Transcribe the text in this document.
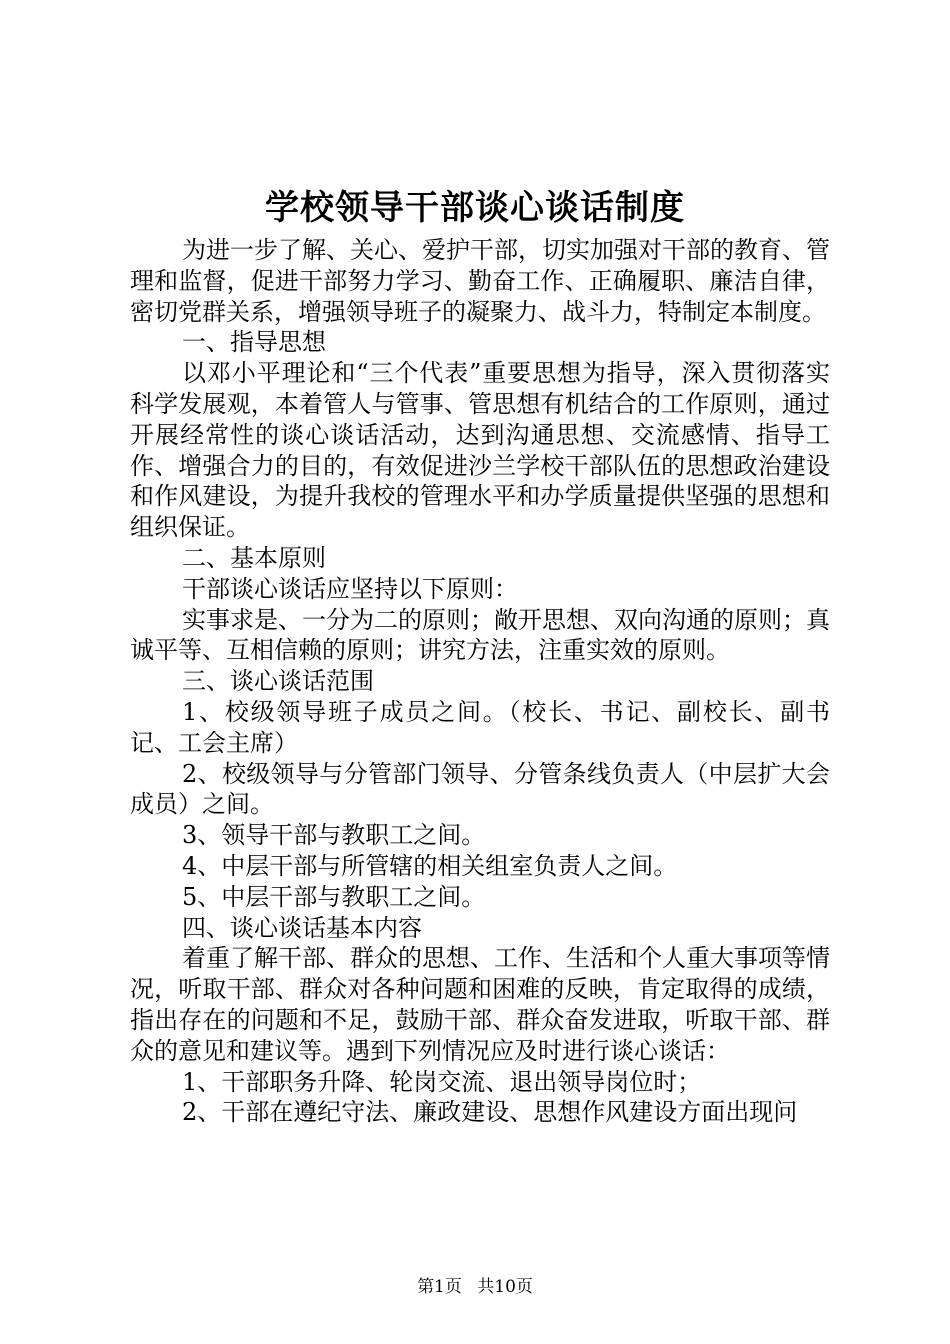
学校领导干部谈心谈话制度

为进一步了解、关心、爱护干部，切实加强对干部的教育、管理和监督，促进干部努力学习、勤奋工作、正确履职、廉洁自律，密切党群关系，增强领导班子的凝聚力、战斗力，特制定本制度。

一、指导思想

以邓小平理论和“三个代表”重要思想为指导，深入贯彻落实科学发展观，本着管人与管事、管思想有机结合的工作原则，通过开展经常性的谈心谈话活动，达到沟通思想、交流感情、指导工作、增强合力的目的，有效促进沙兰学校干部队伍的思想政治建设和作风建设，为提升我校的管理水平和办学质量提供坚强的思想和组织保证。

二、基本原则

干部谈心谈话应坚持以下原则：

实事求是、一分为二的原则；敞开思想、双向沟通的原则；真诚平等、互相信赖的原则；讲究方法，注重实效的原则。

三、谈心谈话范围

1、校级领导班子成员之间。（校长、书记、副校长、副书记、工会主席）

2、校级领导与分管部门领导、分管条线负责人（中层扩大会成员）之间。

3、领导干部与教职工之间。

4、中层干部与所管辖的相关组室负责人之间。

5、中层干部与教职工之间。

四、谈心谈话基本内容

着重了解干部、群众的思想、工作、生活和个人重大事项等情况，听取干部、群众对各种问题和困难的反映，肯定取得的成绩，指出存在的问题和不足，鼓励干部、群众奋发进取，听取干部、群众的意见和建议等。遇到下列情况应及时进行谈心谈话：

1、干部职务升降、轮岗交流、退出领导岗位时；

2、干部在遵纪守法、廉政建设、思想作风建设方面出现问

第1页 共10页
